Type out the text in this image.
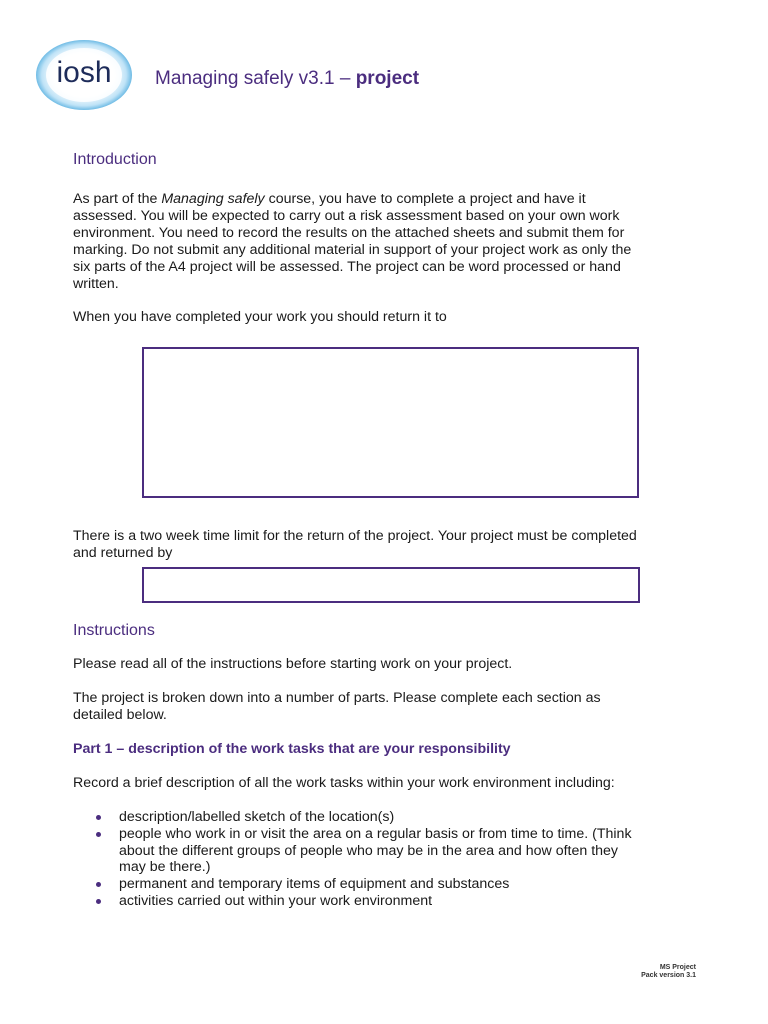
iosh Managing safely v3.1 – project
Introduction

As part of the Managing safely course, you have to complete a project and have it
assessed. You will be expected to carry out a risk assessment based on your own work
environment. You need to record the results on the attached sheets and submit them for
marking. Do not submit any additional material in support of your project work as only the
six parts of the A4 project will be assessed. The project can be word processed or hand
written.

When you have completed your work you should return it to

There is a two week time limit for the return of the project. Your project must be completed
and returned by

Instructions

Please read all of the instructions before starting work on your project.

The project is broken down into a number of parts. Please complete each section as
detailed below.

Part 1 – description of the work tasks that are your responsibility

Record a brief description of all the work tasks within your work environment including:

description/labelled sketch of the location(s)
people who work in or visit the area on a regular basis or from time to time. (Think
about the different groups of people who may be in the area and how often they
may be there.)
permanent and temporary items of equipment and substances
activities carried out within your work environment
MS Project
Pack version 3.1
